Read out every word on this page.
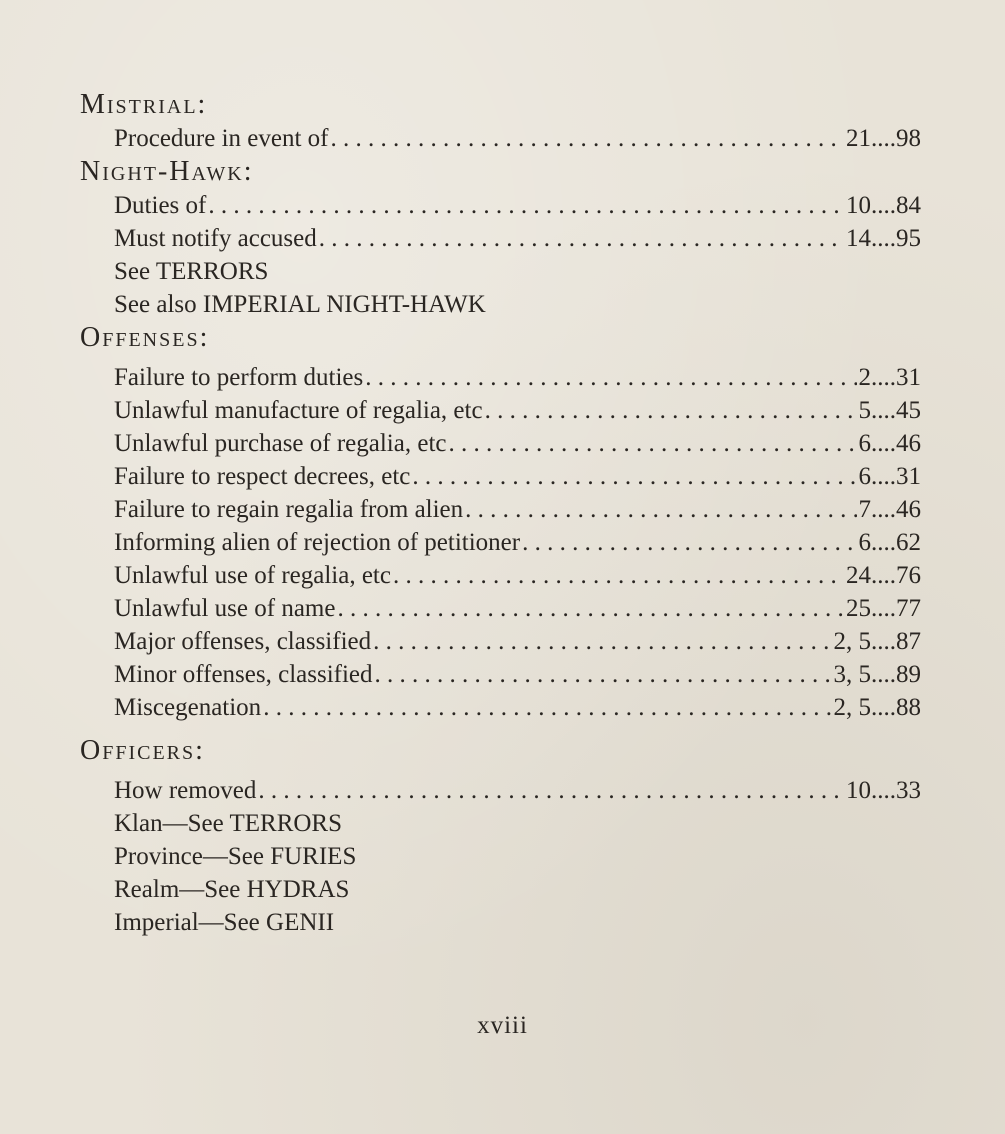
Mistrial:
Procedure in event of . . .	21....98
Night-Hawk:
Duties of . . .	10....84
Must notify accused . . .	14....95
See TERRORS
See also IMPERIAL NIGHT-HAWK
Offenses:
Failure to perform duties . . .	2....31
Unlawful manufacture of regalia, etc . . .	5....45
Unlawful purchase of regalia, etc . . .	6....46
Failure to respect decrees, etc . . .	6....31
Failure to regain regalia from alien . . .	7....46
Informing alien of rejection of petitioner . . .	6....62
Unlawful use of regalia, etc . . .	24....76
Unlawful use of name . . .	25....77
Major offenses, classified . . .	2, 5....87
Minor offenses, classified . . .	3, 5....89
Miscegenation . . .	2, 5....88
Officers:
How removed . . .	10....33
Klan—See TERRORS
Province—See FURIES
Realm—See HYDRAS
Imperial—See GENII
xviii
